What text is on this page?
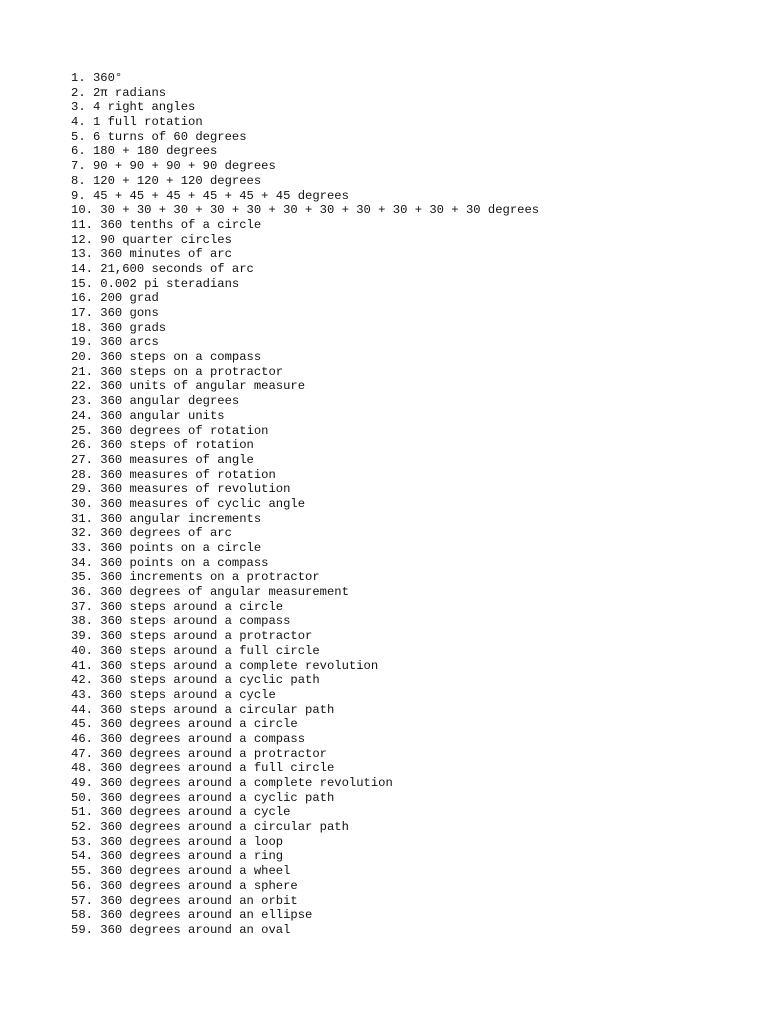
1. 360°
2. 2π radians
3. 4 right angles
4. 1 full rotation
5. 6 turns of 60 degrees
6. 180 + 180 degrees
7. 90 + 90 + 90 + 90 degrees
8. 120 + 120 + 120 degrees
9. 45 + 45 + 45 + 45 + 45 + 45 degrees
10. 30 + 30 + 30 + 30 + 30 + 30 + 30 + 30 + 30 + 30 + 30 degrees
11. 360 tenths of a circle
12. 90 quarter circles
13. 360 minutes of arc
14. 21,600 seconds of arc
15. 0.002 pi steradians
16. 200 grad
17. 360 gons
18. 360 grads
19. 360 arcs
20. 360 steps on a compass
21. 360 steps on a protractor
22. 360 units of angular measure
23. 360 angular degrees
24. 360 angular units
25. 360 degrees of rotation
26. 360 steps of rotation
27. 360 measures of angle
28. 360 measures of rotation
29. 360 measures of revolution
30. 360 measures of cyclic angle
31. 360 angular increments
32. 360 degrees of arc
33. 360 points on a circle
34. 360 points on a compass
35. 360 increments on a protractor
36. 360 degrees of angular measurement
37. 360 steps around a circle
38. 360 steps around a compass
39. 360 steps around a protractor
40. 360 steps around a full circle
41. 360 steps around a complete revolution
42. 360 steps around a cyclic path
43. 360 steps around a cycle
44. 360 steps around a circular path
45. 360 degrees around a circle
46. 360 degrees around a compass
47. 360 degrees around a protractor
48. 360 degrees around a full circle
49. 360 degrees around a complete revolution
50. 360 degrees around a cyclic path
51. 360 degrees around a cycle
52. 360 degrees around a circular path
53. 360 degrees around a loop
54. 360 degrees around a ring
55. 360 degrees around a wheel
56. 360 degrees around a sphere
57. 360 degrees around an orbit
58. 360 degrees around an ellipse
59. 360 degrees around an oval
